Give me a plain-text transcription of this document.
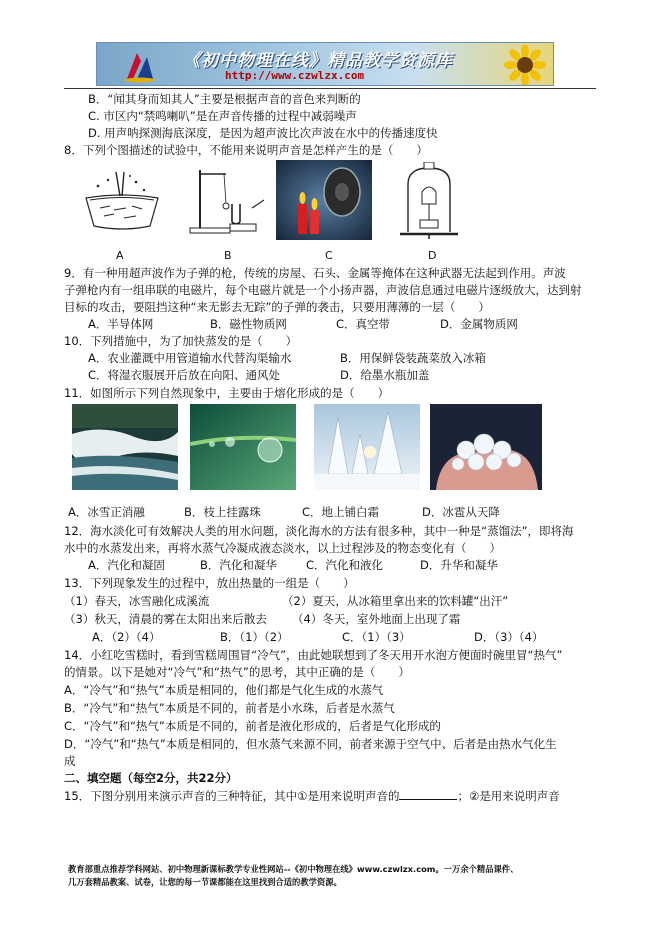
《初中物理在线》精品教学资源库
http://www.czwlzx.com
B．“闻其身而知其人”主要是根据声音的音色来判断的
C. 市区内“禁鸣喇叭”是在声音传播的过程中减弱噪声
D. 用声呐探测海底深度，是因为超声波比次声波在水中的传播速度快
8．下列个图描述的试验中，不能用来说明声音是怎样产生的是（　　）
A	B	C	D
9．有一种用超声波作为子弹的枪，传统的房屋、石头、金属等掩体在这种武器无法起到作用。声波
子弹枪内有一组串联的电磁片，每个电磁片就是一个小扬声器，声波信息通过电磁片逐级放大，达到射
目标的攻击，要阻挡这种“来无影去无踪”的子弹的袭击，只要用薄薄的一层（　　）
A．半导体网	B．磁性物质网	C．真空带	D．金属物质网
10．下列措施中，为了加快蒸发的是（　　）
A．农业灌溉中用管道输水代替沟渠输水	B．用保鲜袋装蔬菜放入冰箱
C．将湿衣服展开后放在向阳、通风处	D．给墨水瓶加盖
11．如图所示下列自然现象中，主要由于熔化形成的是（　　）
A．冰雪正消融	B．枝上挂露珠	C．地上铺白霜	D．冰雹从天降
12．海水淡化可有效解决人类的用水问题，淡化海水的方法有很多种，其中一种是“蒸馏法”，即将海
水中的水蒸发出来，再将水蒸气冷凝成液态淡水，以上过程涉及的物态变化有（　　）
A．汽化和凝固	B．汽化和凝华	C．汽化和液化	D．升华和凝华
13．下列现象发生的过程中，放出热量的一组是（　　）
（1）春天，冰雪融化成溪流	（2）夏天，从冰箱里拿出来的饮料罐“出汗”
（3）秋天，清晨的雾在太阳出来后散去 （4）冬天，室外地面上出现了霜
A．（2）（4）	B．（1）（2）	C．（1）（3）	D．（3）（4）
14．小红吃雪糕时，看到雪糕周围冒“冷气”，由此她联想到了冬天用开水泡方便面时碗里冒“热气”
的情景。以下是她对“冷气”和“热气”的思考，其中正确的是（　　）
A．“冷气”和“热气”本质是相同的，他们都是气化生成的水蒸气
B．“冷气”和“热气”本质是不同的，前者是小水珠，后者是水蒸气
C．“冷气”和“热气”本质是不同的，前者是液化形成的，后者是气化形成的
D．“冷气”和“热气”本质是相同的，但水蒸气来源不同，前者来源于空气中、后者是由热水气化生
成
二、填空题（每空2分，共22分）
15．下图分别用来演示声音的三种特征，其中①是用来说明声音的	；②是用来说明声音
教育部重点推荐学科网站、初中物理新课标教学专业性网站--《初中物理在线》www.czwlzx.com。一万余个精品课件、
几万套精品教案、试卷，让您的每一节课都能在这里找到合适的教学资源。
